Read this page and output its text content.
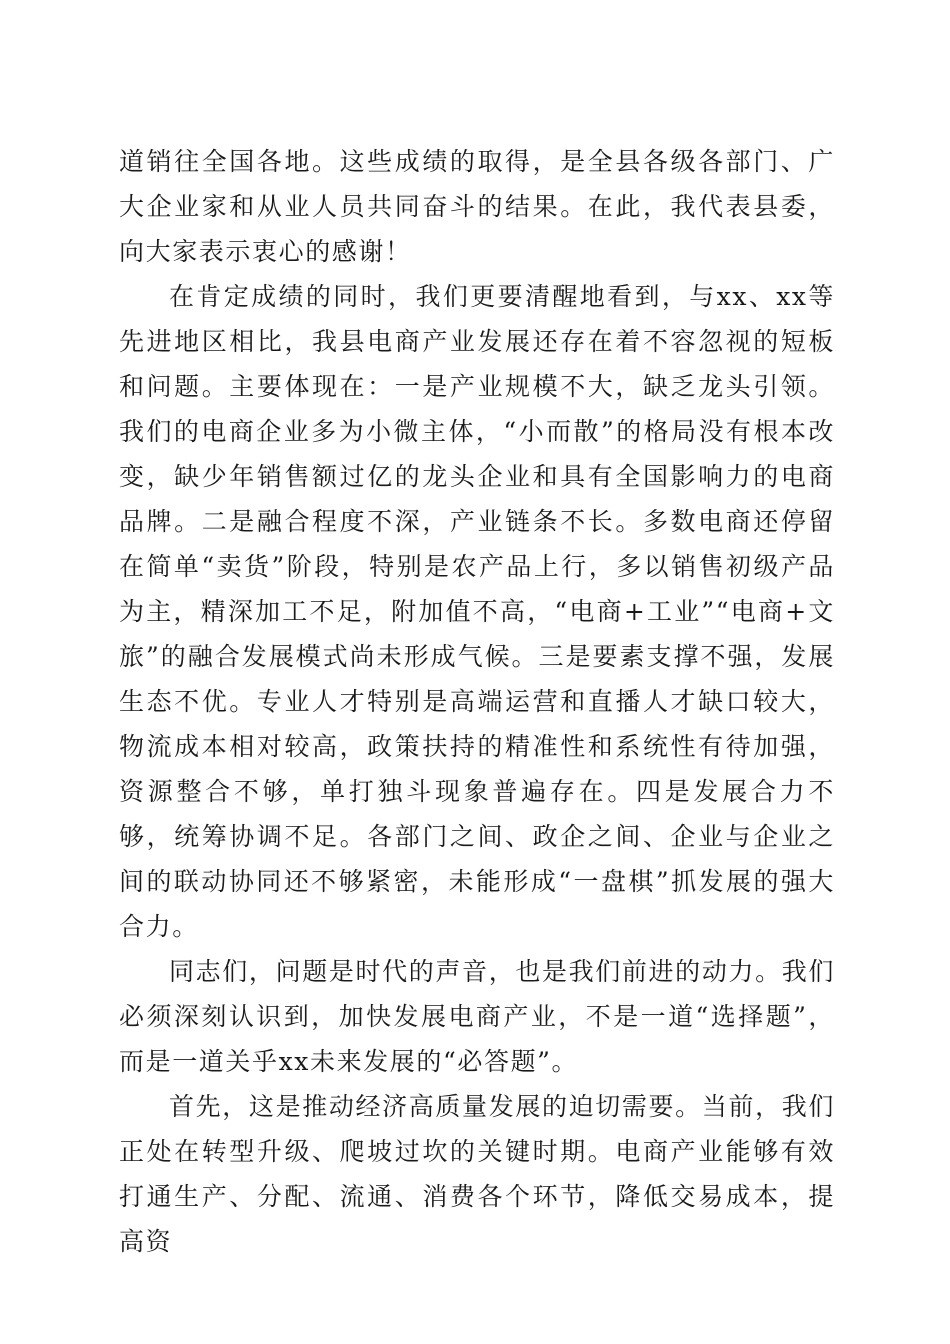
道销往全国各地。这些成绩的取得，是全县各级各部门、广大企业家和从业人员共同奋斗的结果。在此，我代表县委，向大家表示衷心的感谢！

在肯定成绩的同时，我们更要清醒地看到，与xx、xx等先进地区相比，我县电商产业发展还存在着不容忽视的短板和问题。主要体现在：一是产业规模不大，缺乏龙头引领。我们的电商企业多为小微主体，“小而散”的格局没有根本改变，缺少年销售额过亿的龙头企业和具有全国影响力的电商品牌。二是融合程度不深，产业链条不长。多数电商还停留在简单“卖货”阶段，特别是农产品上行，多以销售初级产品为主，精深加工不足，附加值不高，“电商+工业”“电商+文旅”的融合发展模式尚未形成气候。三是要素支撑不强，发展生态不优。专业人才特别是高端运营和直播人才缺口较大，物流成本相对较高，政策扶持的精准性和系统性有待加强，资源整合不够，单打独斗现象普遍存在。四是发展合力不够，统筹协调不足。各部门之间、政企之间、企业与企业之间的联动协同还不够紧密，未能形成“一盘棋”抓发展的强大合力。

同志们，问题是时代的声音，也是我们前进的动力。我们必须深刻认识到，加快发展电商产业，不是一道“选择题”，而是一道关乎xx未来发展的“必答题”。

首先，这是推动经济高质量发展的迫切需要。当前，我们正处在转型升级、爬坡过坎的关键时期。电商产业能够有效打通生产、分配、流通、消费各个环节，降低交易成本，提高资
